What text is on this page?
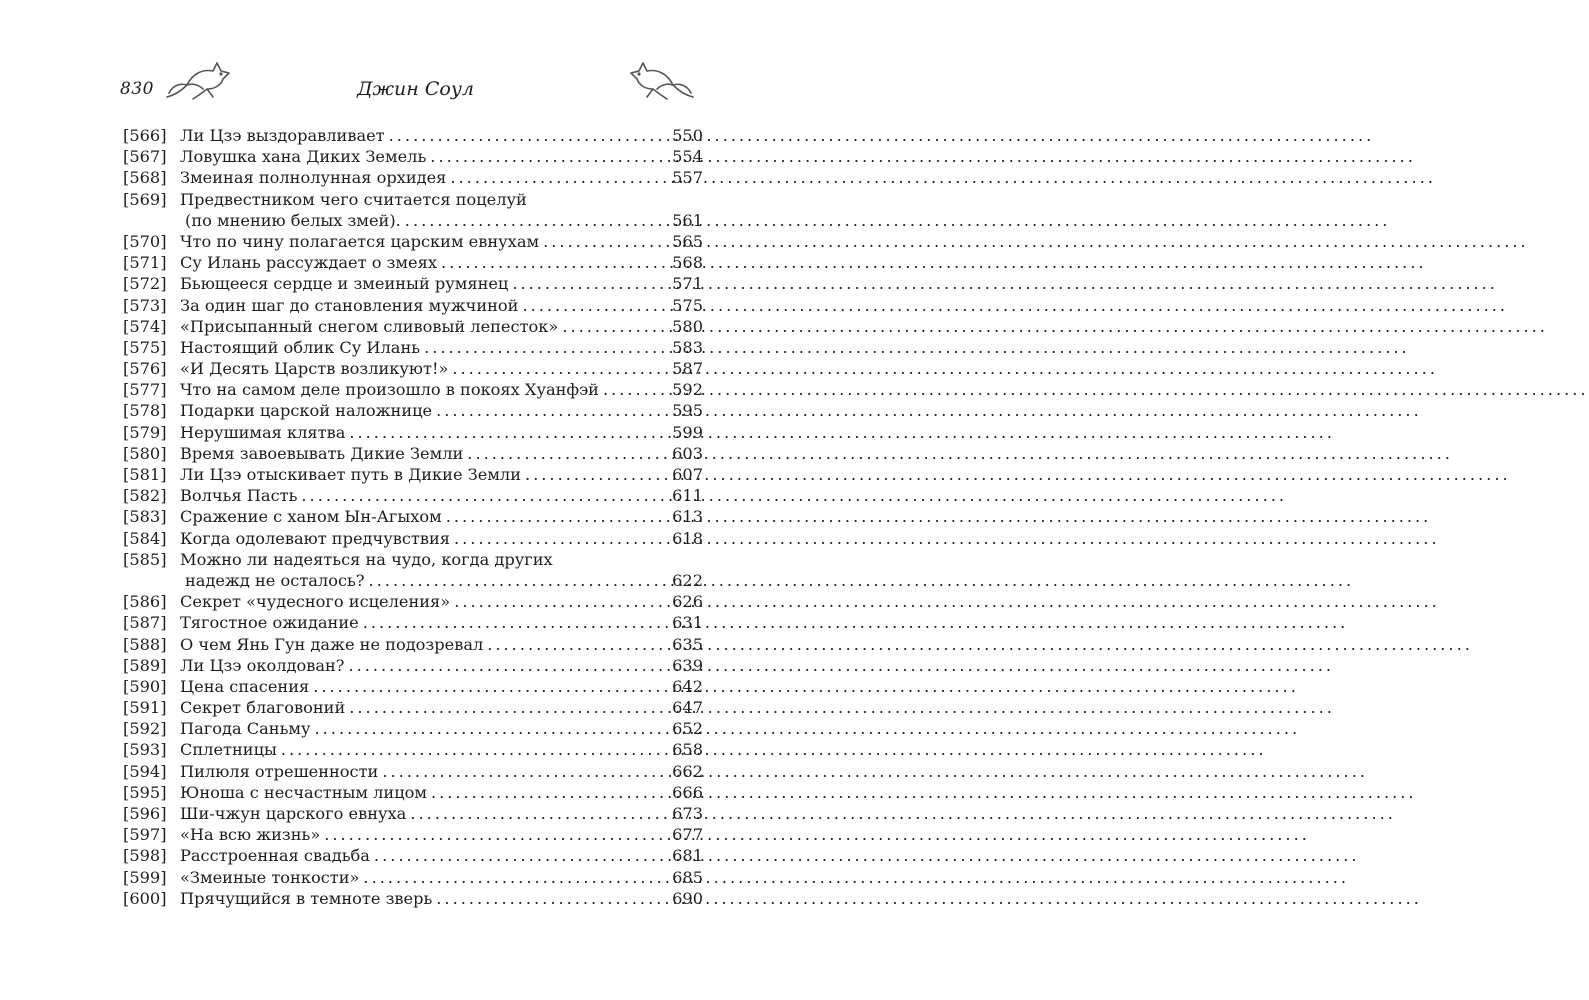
830	Джин Соул
[566] Ли Цзэ выздоравливает .....	550
[567] Ловушка хана Диких Земель .....	554
[568] Змеиная полнолунная орхидея .....	557
[569] Предвестником чего считается поцелуй
(по мнению белых змей). .....	561
[570] Что по чину полагается царским евнухам .....	565
[571] Су Илань рассуждает о змеях .....	568
[572] Бьющееся сердце и змеиный румянец .....	571
[573] За один шаг до становления мужчиной .....	575
[574] «Присыпанный снегом сливовый лепесток» .....	580
[575] Настоящий облик Су Илань .....	583
[576] «И Десять Царств возликуют!» .....	587
[577] Что на самом деле произошло в покоях Хуанфэй .....	592
[578] Подарки царской наложнице .....	595
[579] Нерушимая клятва .....	599
[580] Время завоевывать Дикие Земли .....	603
[581] Ли Цзэ отыскивает путь в Дикие Земли .....	607
[582] Волчья Пасть .....	611
[583] Сражение с ханом Ын-Агыхом .....	613
[584] Когда одолевают предчувствия .....	618
[585] Можно ли надеяться на чудо, когда других
надежд не осталось? .....	622
[586] Секрет «чудесного исцеления» .....	626
[587] Тягостное ожидание .....	631
[588] О чем Янь Гун даже не подозревал .....	635
[589] Ли Цзэ околдован? .....	639
[590] Цена спасения .....	642
[591] Секрет благовоний .....	647
[592] Пагода Саньму .....	652
[593] Сплетницы .....	658
[594] Пилюля отрешенности .....	662
[595] Юноша с несчастным лицом .....	666
[596] Ши-чжун царского евнуха .....	673
[597] «На всю жизнь» .....	677
[598] Расстроенная свадьба .....	681
[599] «Змеиные тонкости» .....	685
[600] Прячущийся в темноте зверь .....	690
